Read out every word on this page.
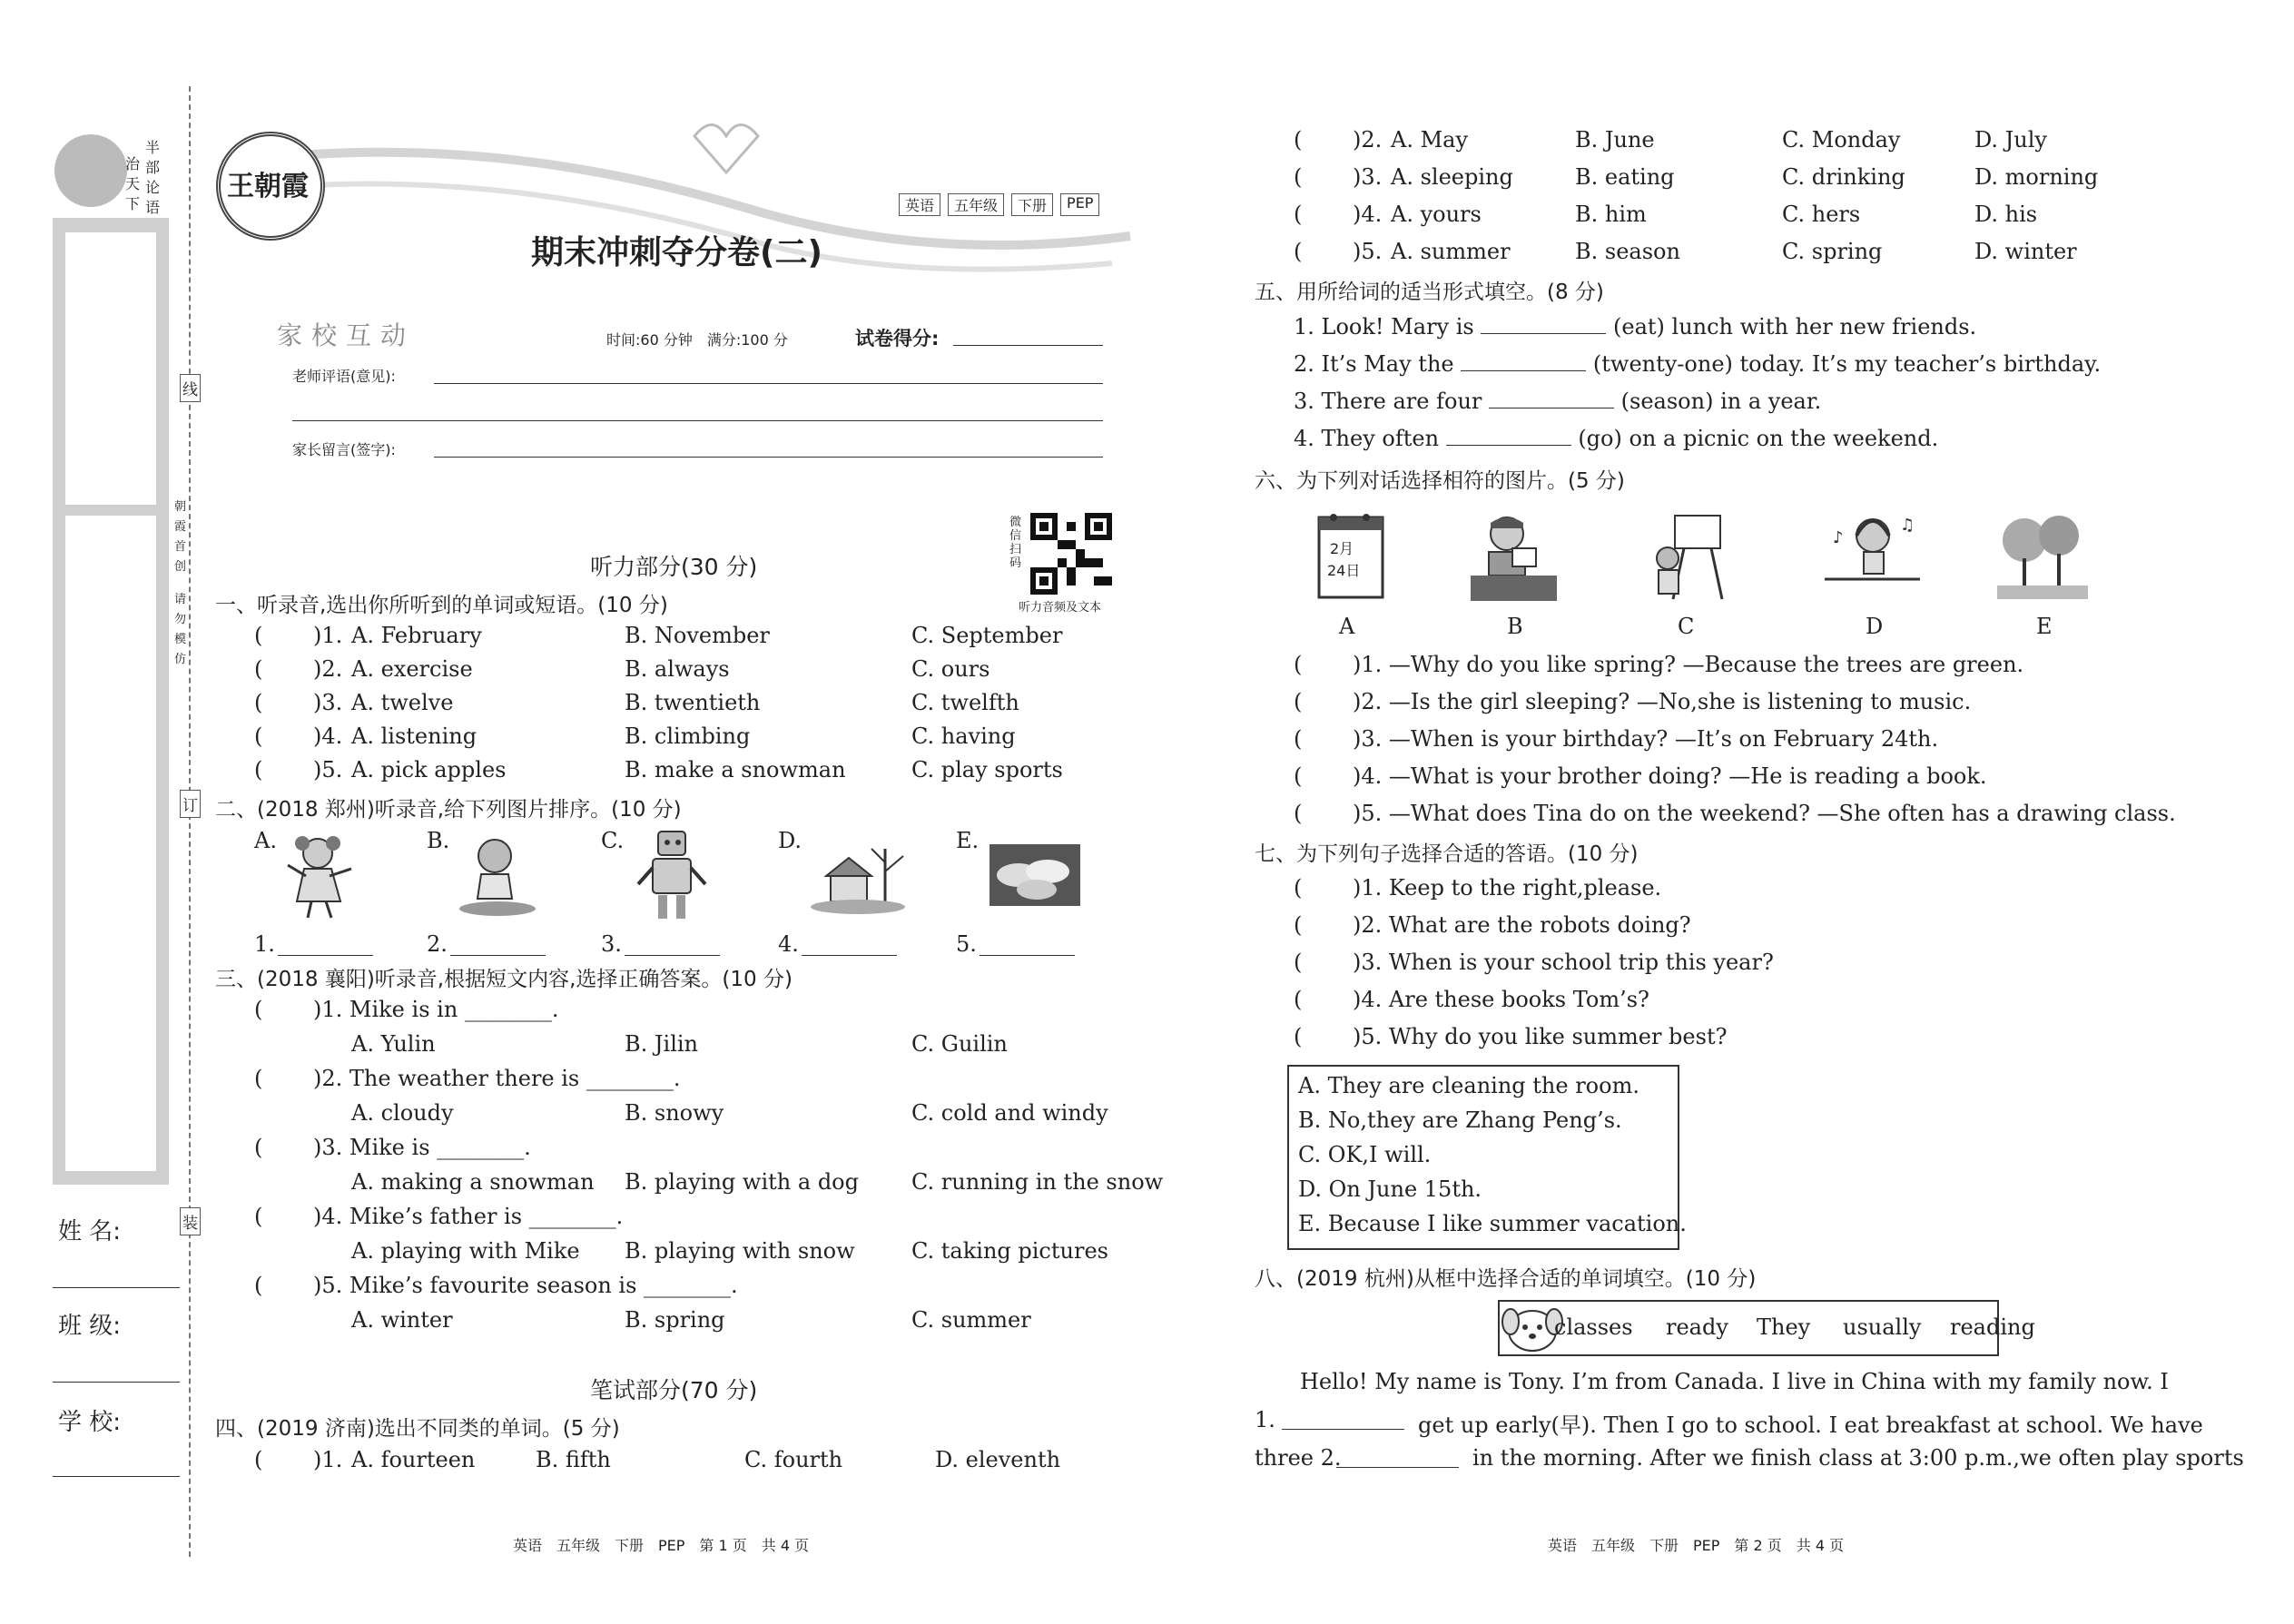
半
部
论
语
治
天
下
线
订
装
朝霞首创
请勿模仿
姓 名:
班 级:
学 校:
王朝霞
英语	五年级	下册	PEP
期末冲刺夺分卷(二)
家校互动	时间:60 分钟　满分:100 分	试卷得分:
老师评语(意见):
家长留言(签字):
微信扫码
听力音频及文本
听力部分(30 分)
一、听录音,选出你所听到的单词或短语。(10 分)
( )1. A. February	B. November	C. September
( )2. A. exercise	B. always	C. ours
( )3. A. twelve	B. twentieth	C. twelfth
( )4. A. listening	B. climbing	C. having
( )5. A. pick apples	B. make a snowman	C. play sports
二、(2018 郑州)听录音,给下列图片排序。(10 分)
A.	B.	C.	D.	E.
1.	2.	3.	4.	5.
三、(2018 襄阳)听录音,根据短文内容,选择正确答案。(10 分)
( )1. Mike is in ________.
A. Yulin	B. Jilin	C. Guilin
( )2. The weather there is ________.
A. cloudy	B. snowy	C. cold and windy
( )3. Mike is ________.
A. making a snowman B. playing with a dog C. running in the snow
( )4. Mike’s father is ________.
A. playing with Mike B. playing with snow	C. taking pictures
( )5. Mike’s favourite season is ________.
A. winter	B. spring	C. summer
笔试部分(70 分)
四、(2019 济南)选出不同类的单词。(5 分)
( )1. A. fourteen	B. fifth	C. fourth	D. eleventh
( )2. A. May	B. June	C. Monday	D. July
( )3. A. sleeping	B. eating	C. drinking	D. morning
( )4. A. yours	B. him	C. hers	D. his
( )5. A. summer	B. season	C. spring	D. winter
五、用所给词的适当形式填空。(8 分)
1. Look! Mary is	(eat) lunch with her new friends.
2. It’s May the	(twenty-one) today. It’s my teacher’s birthday.
3. There are four	(season) in a year.
4. They often	(go) on a picnic on the weekend.
六、为下列对话选择相符的图片。(5 分)
2月
24日
♪
♫
A	B	C	D	E
( )1. —Why do you like spring? —Because the trees are green.
( )2. —Is the girl sleeping? —No,she is listening to music.
( )3. —When is your birthday? —It’s on February 24th.
( )4. —What is your brother doing? —He is reading a book.
( )5. —What does Tina do on the weekend? —She often has a drawing class.
七、为下列句子选择合适的答语。(10 分)
( )1. Keep to the right,please.
( )2. What are the robots doing?
( )3. When is your school trip this year?
( )4. Are these books Tom’s?
( )5. Why do you like summer best?
A. They are cleaning the room.
B. No,they are Zhang Peng’s.
C. OK,I will.
D. On June 15th.
E. Because I like summer vacation.
八、(2019 杭州)从框中选择合适的单词填空。(10 分)
classes ready They usually reading
Hello! My name is Tony. I’m from Canada. I live in China with my family now. I
1.	get up early(早). Then I go to school. I eat breakfast at school. We have
three 2.	in the morning. After we finish class at 3:00 p.m.,we often play sports
英语　五年级　下册　PEP　第 1 页　共 4 页	英语　五年级　下册　PEP　第 2 页　共 4 页
